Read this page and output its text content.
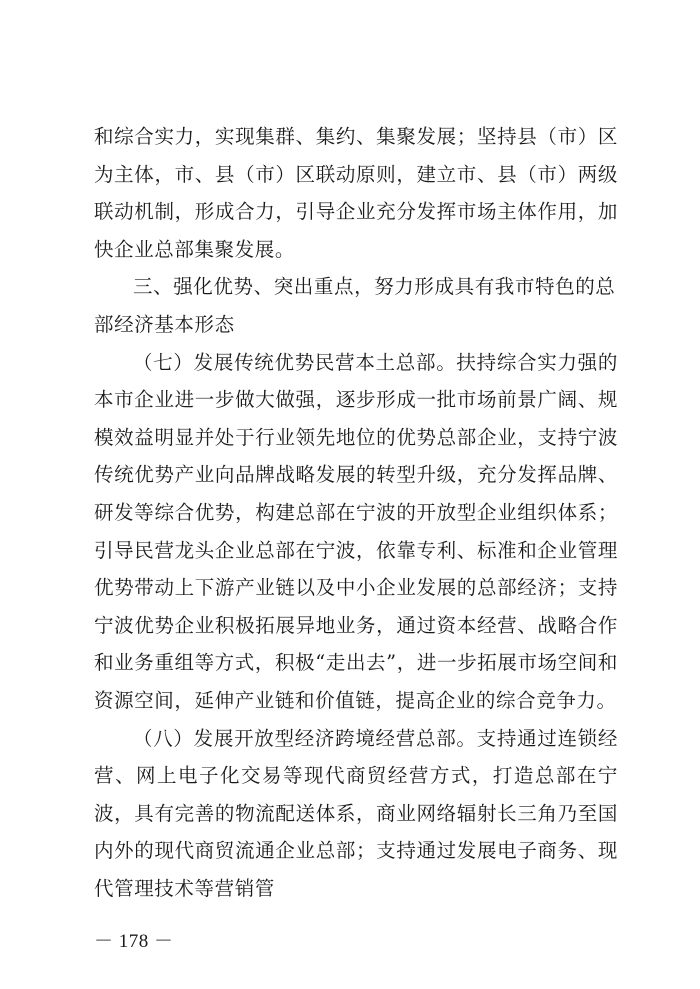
和综合实力，实现集群、集约、集聚发展；坚持县（市）区为主体，市、县（市）区联动原则，建立市、县（市）两级联动机制，形成合力，引导企业充分发挥市场主体作用，加快企业总部集聚发展。

三、强化优势、突出重点，努力形成具有我市特色的总部经济基本形态

（七）发展传统优势民营本土总部。扶持综合实力强的本市企业进一步做大做强，逐步形成一批市场前景广阔、规模效益明显并处于行业领先地位的优势总部企业，支持宁波传统优势产业向品牌战略发展的转型升级，充分发挥品牌、研发等综合优势，构建总部在宁波的开放型企业组织体系；引导民营龙头企业总部在宁波，依靠专利、标准和企业管理优势带动上下游产业链以及中小企业发展的总部经济；支持宁波优势企业积极拓展异地业务，通过资本经营、战略合作和业务重组等方式，积极“走出去”，进一步拓展市场空间和资源空间，延伸产业链和价值链，提高企业的综合竞争力。

（八）发展开放型经济跨境经营总部。支持通过连锁经营、网上电子化交易等现代商贸经营方式，打造总部在宁波，具有完善的物流配送体系，商业网络辐射长三角乃至国内外的现代商贸流通企业总部；支持通过发展电子商务、现代管理技术等营销管

－ 178 －
